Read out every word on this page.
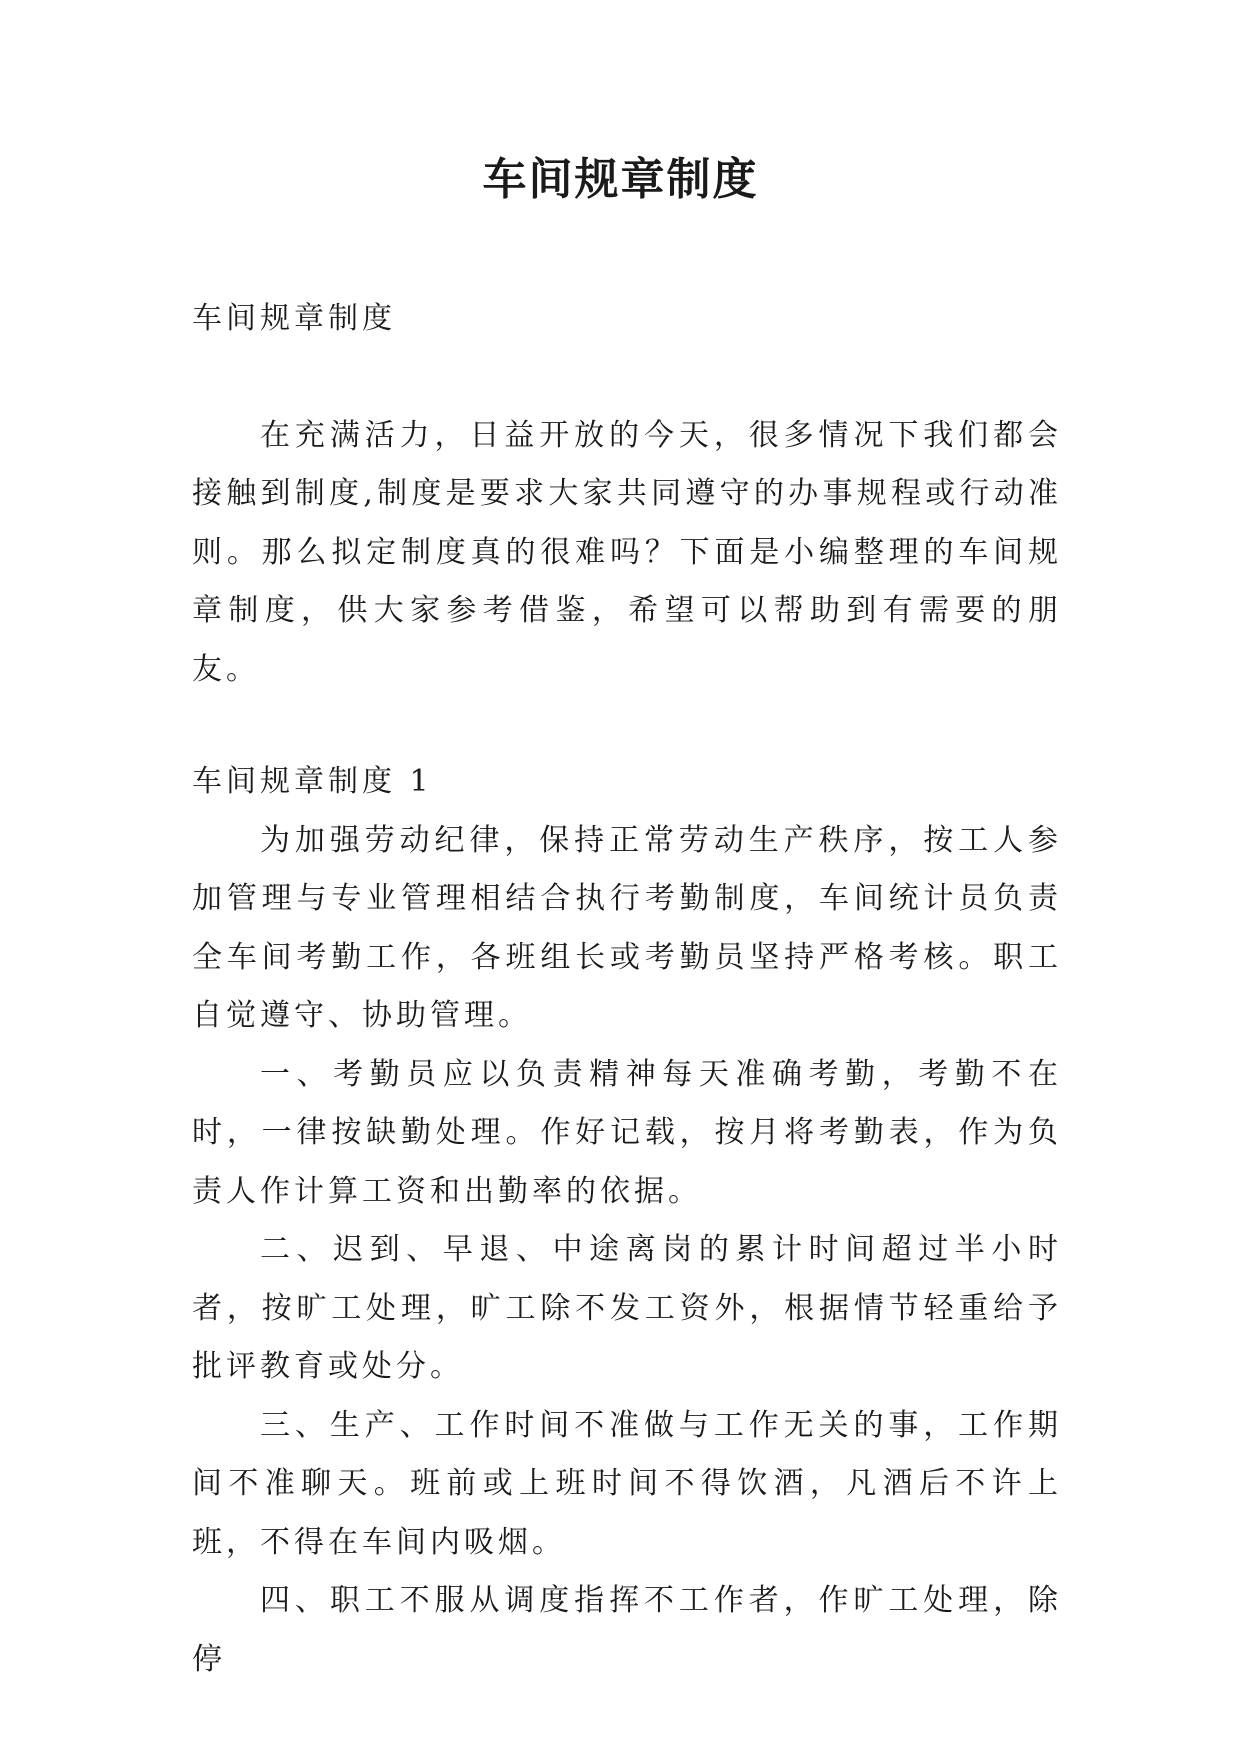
车间规章制度

车间规章制度

在充满活力，日益开放的今天，很多情况下我们都会接触到制度,制度是要求大家共同遵守的办事规程或行动准则。那么拟定制度真的很难吗？下面是小编整理的车间规章制度，供大家参考借鉴，希望可以帮助到有需要的朋友。

车间规章制度 1

为加强劳动纪律，保持正常劳动生产秩序，按工人参加管理与专业管理相结合执行考勤制度，车间统计员负责全车间考勤工作，各班组长或考勤员坚持严格考核。职工自觉遵守、协助管理。

一、考勤员应以负责精神每天准确考勤，考勤不在时，一律按缺勤处理。作好记载，按月将考勤表，作为负责人作计算工资和出勤率的依据。

二、迟到、早退、中途离岗的累计时间超过半小时者，按旷工处理，旷工除不发工资外，根据情节轻重给予批评教育或处分。

三、生产、工作时间不准做与工作无关的事，工作期间不准聊天。班前或上班时间不得饮酒，凡酒后不许上班，不得在车间内吸烟。

四、职工不服从调度指挥不工作者，作旷工处理，除停
